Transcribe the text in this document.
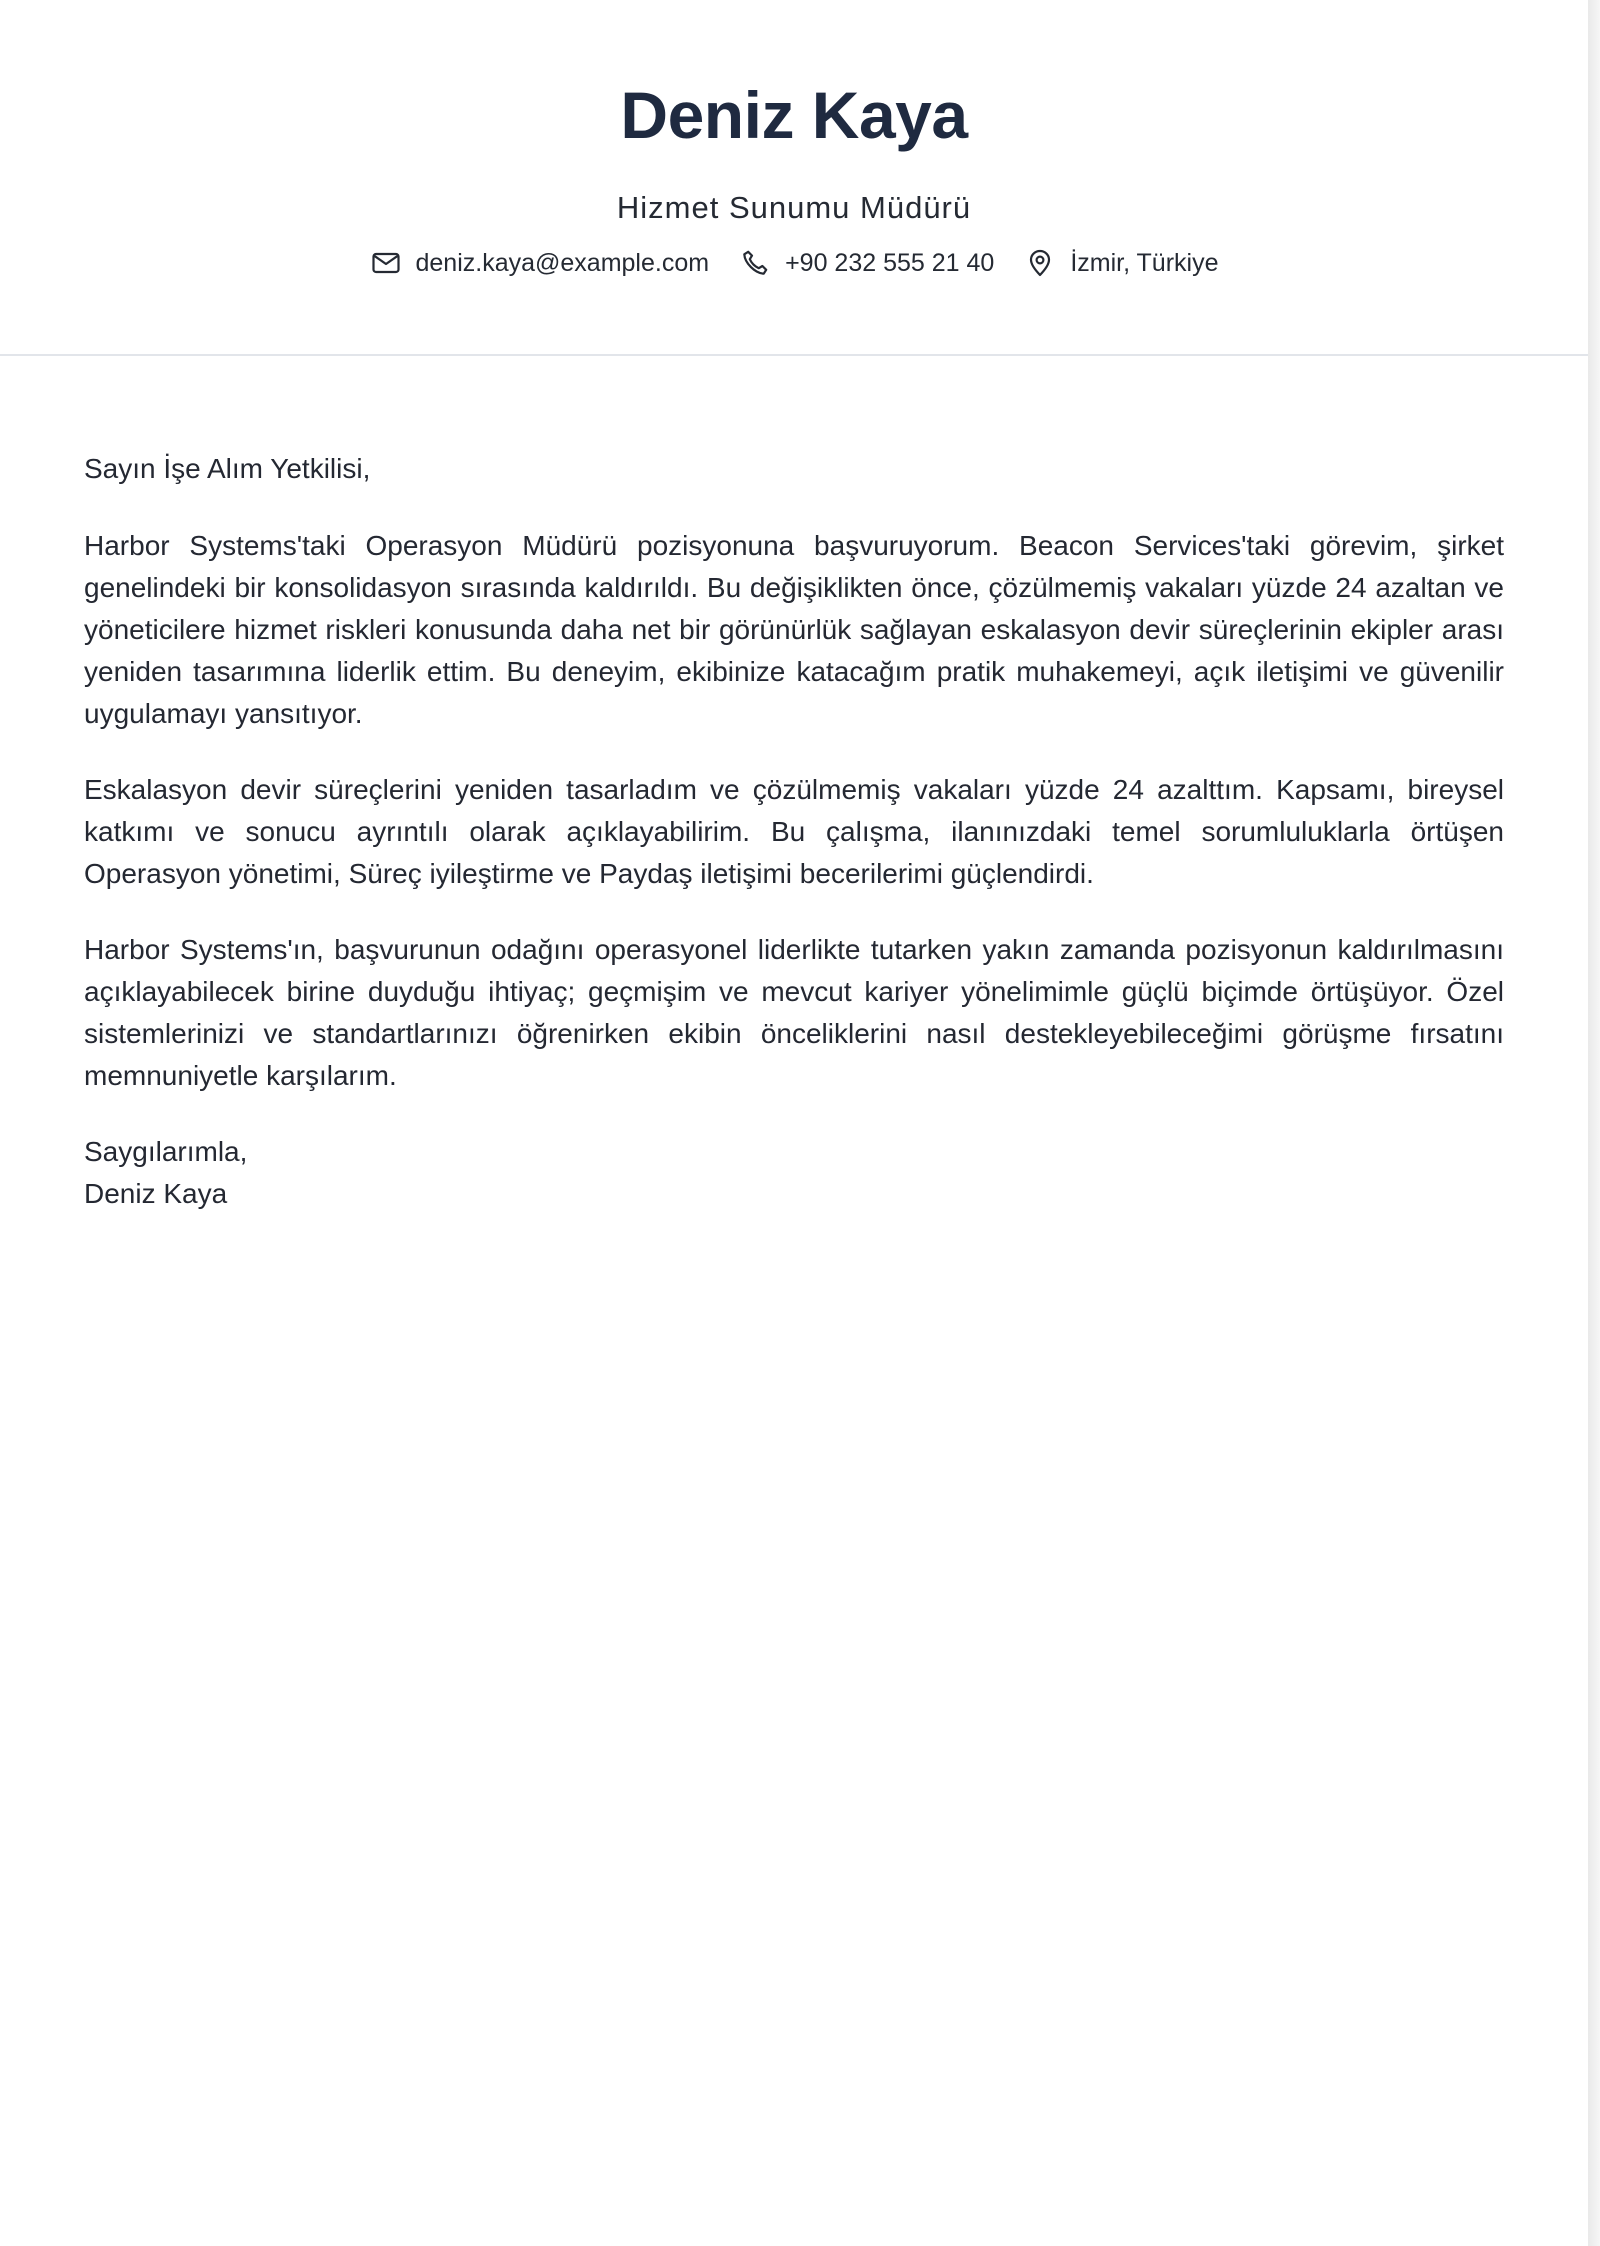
Deniz Kaya
Hizmet Sunumu Müdürü
deniz.kaya@example.com	+90 232 555 21 40	İzmir, Türkiye

Sayın İşe Alım Yetkilisi,

Harbor Systems'taki Operasyon Müdürü pozisyonuna başvuruyorum. Beacon Services'taki görevim, şirket genelindeki bir konsolidasyon sırasında kaldırıldı. Bu değişiklikten önce, çözülmemiş vakaları yüzde 24 azaltan ve yöneticilere hizmet riskleri konusunda daha net bir görünürlük sağlayan eskalasyon devir süreçlerinin ekipler arası yeniden tasarımına liderlik ettim. Bu deneyim, ekibinize katacağım pratik muhakemeyi, açık iletişimi ve güvenilir uygulamayı yansıtıyor.

Eskalasyon devir süreçlerini yeniden tasarladım ve çözülmemiş vakaları yüzde 24 azalttım. Kapsamı, bireysel katkımı ve sonucu ayrıntılı olarak açıklayabilirim. Bu çalışma, ilanınızdaki temel sorumluluklarla örtüşen Operasyon yönetimi, Süreç iyileştirme ve Paydaş iletişimi becerilerimi güçlendirdi.

Harbor Systems'ın, başvurunun odağını operasyonel liderlikte tutarken yakın zamanda pozisyonun kaldırılmasını açıklayabilecek birine duyduğu ihtiyaç; geçmişim ve mevcut kariyer yönelimimle güçlü biçimde örtüşüyor. Özel sistemlerinizi ve standartlarınızı öğrenirken ekibin önceliklerini nasıl destekleyebileceğimi görüşme fırsatını memnuniyetle karşılarım.

Saygılarımla,
Deniz Kaya
